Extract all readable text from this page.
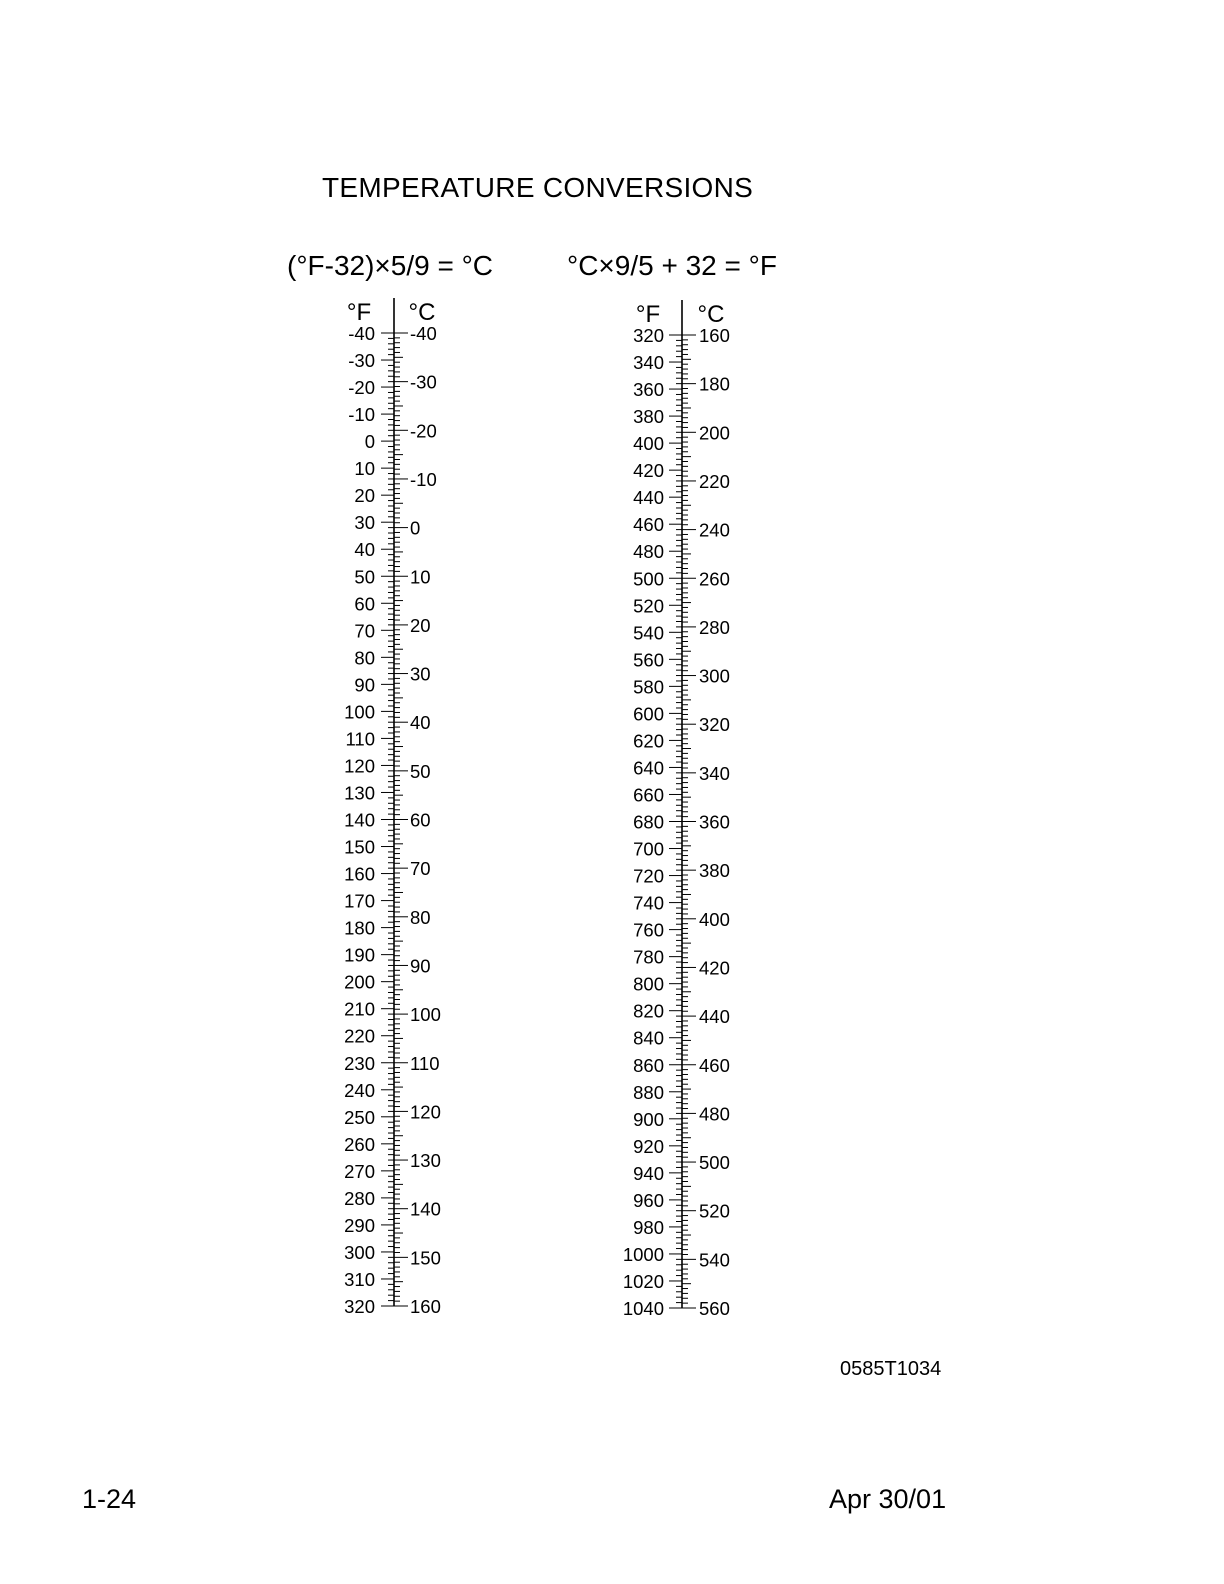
TEMPERATURE CONVERSIONS
(°F-32)×5/9 = °C	°C×9/5 + 32 = °F
°F °C
-40
-30
-20
-10
0
10
20
30
40
50
60
70
80
90
100
110
120
130
140
150
160
170
180
190
200
210
220
230
240
250
260
270
280
290
300
310
320
-40
-30
-20
-10
0
10
20
30
40
50
60
70
80
90
100
110
120
130
140
150
160
°F °C
320
340
360
380
400
420
440
460
480
500
520
540
560
580
600
620
640
660
680
700
720
740
760
780
800
820
840
860
880
900
920
940
960
980
1000
1020
1040
160
180
200
220
240
260
280
300
320
340
360
380
400
420
440
460
480
500
520
540
560
0585T1034
1-24	Apr 30/01
